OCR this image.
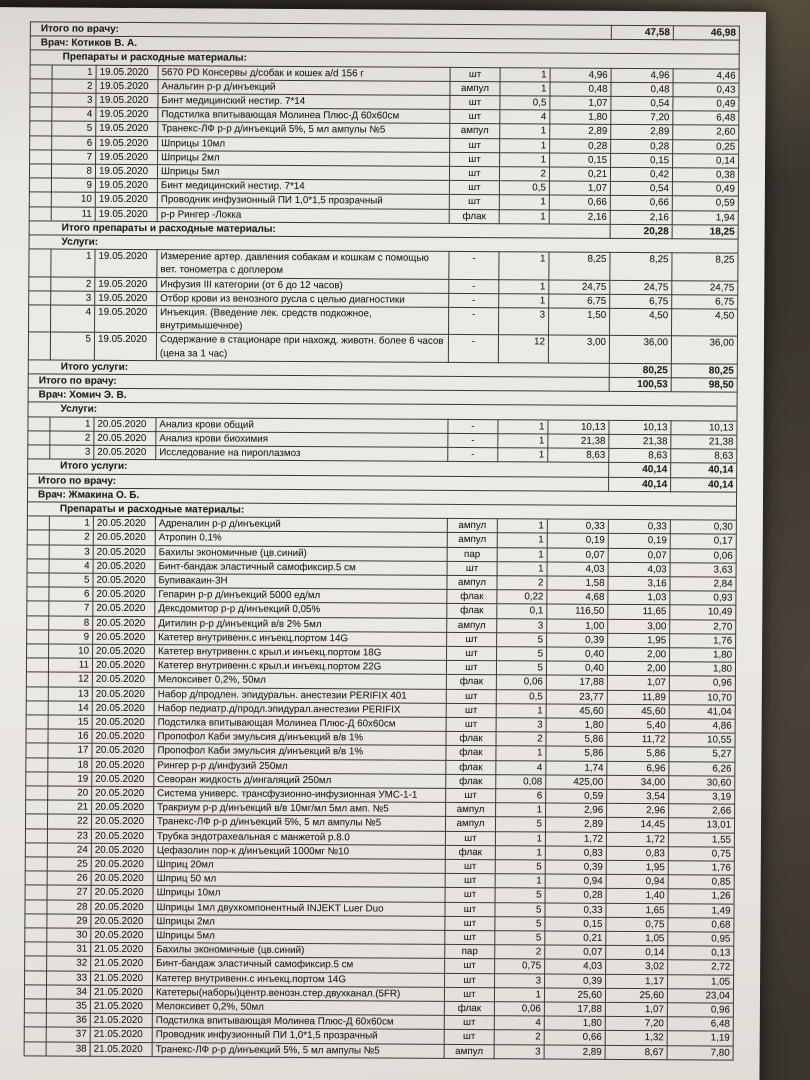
Итого по врачу:							47,58	46,98
Врач: Котиков В. А.								
Препараты и расходные материалы:								
	1	19.05.2020	5670 PD Консервы д/собак и кошек a/d 156 г	шт	1	4,96	4,96	4,46
	2	19.05.2020	Анальгин р-р д/инъекций	ампул	1	0,48	0,48	0,43
	3	19.05.2020	Бинт медицинский нестир. 7*14	шт	0,5	1,07	0,54	0,49
	4	19.05.2020	Подстилка впитывающая Молинеа Плюс-Д 60х60см	шт	4	1,80	7,20	6,48
	5	19.05.2020	Транекс-ЛФ р-р д/инъекций 5%, 5 мл ампулы №5	ампул	1	2,89	2,89	2,60
	6	19.05.2020	Шприцы 10мл	шт	1	0,28	0,28	0,25
	7	19.05.2020	Шприцы 2мл	шт	1	0,15	0,15	0,14
	8	19.05.2020	Шприцы 5мл	шт	2	0,21	0,42	0,38
	9	19.05.2020	Бинт медицинский нестир. 7*14	шт	0,5	1,07	0,54	0,49
	10	19.05.2020	Проводник инфузионный ПИ 1,0*1,5 прозрачный	шт	1	0,66	0,66	0,59
	11	19.05.2020	р-р Рингер -Локка	флак	1	2,16	2,16	1,94
Итого препараты и расходные материалы:							20,28	18,25
Услуги:								
	1	19.05.2020	Измерение артер. давления собакам и кошкам с помощью вет. тонометра с доплером	-	1	8,25	8,25	8,25
	2	19.05.2020	Инфузия III категории (от 6 до 12 часов)	-	1	24,75	24,75	24,75
	3	19.05.2020	Отбор крови из венозного русла с целью диагностики	-	1	6,75	6,75	6,75
	4	19.05.2020	Инъекция. (Введение лек. средств подкожное, внутримышечное)	-	3	1,50	4,50	4,50
	5	19.05.2020	Содержание в стационаре при нахожд. животн. более 6 часов (цена за 1 час)	-	12	3,00	36,00	36,00
Итого услуги:							80,25	80,25
Итого по врачу:							100,53	98,50
Врач: Хомич Э. В.								
Услуги:								
	1	20.05.2020	Анализ крови общий	-	1	10,13	10,13	10,13
	2	20.05.2020	Анализ крови биохимия	-	1	21,38	21,38	21,38
	3	20.05.2020	Исследование на пироплазмоз	-	1	8,63	8,63	8,63
Итого услуги:							40,14	40,14
Итого по врачу:							40,14	40,14
Врач: Жмакина О. Б.								
Препараты и расходные материалы:								
	1	20.05.2020	Адреналин р-р д/инъекций	ампул	1	0,33	0,33	0,30
	2	20.05.2020	Атропин 0,1%	ампул	1	0,19	0,19	0,17
	3	20.05.2020	Бахилы экономичные (цв.синий)	пар	1	0,07	0,07	0,06
	4	20.05.2020	Бинт-бандаж эластичный самофиксир.5 см	шт	1	4,03	4,03	3,63
	5	20.05.2020	Бупивакаин-3Н	ампул	2	1,58	3,16	2,84
	6	20.05.2020	Гепарин р-р д/инъекций 5000 ед/мл	флак	0,22	4,68	1,03	0,93
	7	20.05.2020	Дексдомитор р-р д/инъекций 0,05%	флак	0,1	116,50	11,65	10,49
	8	20.05.2020	Дитилин р-р д/инъекций в/в 2% 5мл	ампул	3	1,00	3,00	2,70
	9	20.05.2020	Катетер внутривенн.с инъекц.портом 14G	шт	5	0,39	1,95	1,76
	10	20.05.2020	Катетер внутривенн.с крыл.и инъекц.портом 18G	шт	5	0,40	2,00	1,80
	11	20.05.2020	Катетер внутривенн.с крыл.и инъекц.портом 22G	шт	5	0,40	2,00	1,80
	12	20.05.2020	Мелоксивет 0,2%, 50мл	флак	0,06	17,88	1,07	0,96
	13	20.05.2020	Набор д/продлен. эпидуральн. анестезии PERIFIX 401	шт	0,5	23,77	11,89	10,70
	14	20.05.2020	Набор педиатр.д/продл.эпидурал.анестезии PERIFIX	шт	1	45,60	45,60	41,04
	15	20.05.2020	Подстилка впитывающая Молинеа Плюс-Д 60х60см	шт	3	1,80	5,40	4,86
	16	20.05.2020	Пропофол Каби эмульсия д/инъекций в/в 1%	флак	2	5,86	11,72	10,55
	17	20.05.2020	Пропофол Каби эмульсия д/инъекций в/в 1%	флак	1	5,86	5,86	5,27
	18	20.05.2020	Рингер р-р д/инфузий 250мл	флак	4	1,74	6,96	6,26
	19	20.05.2020	Севоран жидкость д/ингаляций 250мл	флак	0,08	425,00	34,00	30,60
	20	20.05.2020	Система универс. трансфузионно-инфузионная УМС-1-1	шт	6	0,59	3,54	3,19
	21	20.05.2020	Тракриум р-р д/инъекций в/в 10мг/мл 5мл амп. №5	ампул	1	2,96	2,96	2,66
	22	20.05.2020	Транекс-ЛФ р-р д/инъекций 5%, 5 мл ампулы №5	ампул	5	2,89	14,45	13,01
	23	20.05.2020	Трубка эндотрахеальная с манжетой р.8.0	шт	1	1,72	1,72	1,55
	24	20.05.2020	Цефазолин пор-к д/инъекций 1000мг №10	флак	1	0,83	0,83	0,75
	25	20.05.2020	Шприц 20мл	шт	5	0,39	1,95	1,76
	26	20.05.2020	Шприц 50 мл	шт	1	0,94	0,94	0,85
	27	20.05.2020	Шприцы 10мл	шт	5	0,28	1,40	1,26
	28	20.05.2020	Шприцы 1мл двухкомпонентный INJEKT Luer Duo	шт	5	0,33	1,65	1,49
	29	20.05.2020	Шприцы 2мл	шт	5	0,15	0,75	0,68
	30	20.05.2020	Шприцы 5мл	шт	5	0,21	1,05	0,95
	31	21.05.2020	Бахилы экономичные (цв.синий)	пар	2	0,07	0,14	0,13
	32	21.05.2020	Бинт-бандаж эластичный самофиксир.5 см	шт	0,75	4,03	3,02	2,72
	33	21.05.2020	Катетер внутривенн.с инъекц.портом 14G	шт	3	0,39	1,17	1,05
	34	21.05.2020	Катетеры(наборы)центр.венозн.стер.двухканал.(5FR)	шт	1	25,60	25,60	23,04
	35	21.05.2020	Мелоксивет 0,2%, 50мл	флак	0,06	17,88	1,07	0,96
	36	21.05.2020	Подстилка впитывающая Молинеа Плюс-Д 60х60см	шт	4	1,80	7,20	6,48
	37	21.05.2020	Проводник инфузионный ПИ 1,0*1,5 прозрачный	шт	2	0,66	1,32	1,19
	38	21.05.2020	Транекс-ЛФ р-р д/инъекций 5%, 5 мл ампулы №5	ампул	3	2,89	8,67	7,80
